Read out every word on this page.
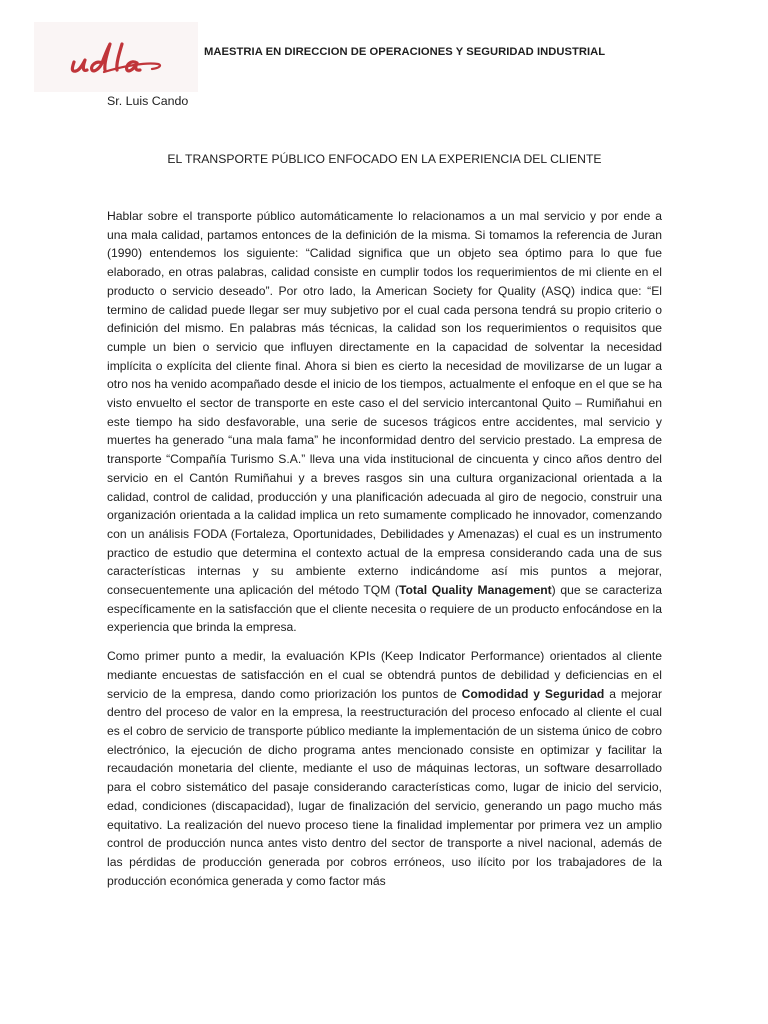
MAESTRIA EN DIRECCION DE OPERACIONES Y SEGURIDAD INDUSTRIAL
Sr. Luis Cando
EL TRANSPORTE PÚBLICO ENFOCADO EN LA EXPERIENCIA DEL CLIENTE

Hablar sobre el transporte público automáticamente lo relacionamos a un mal servicio y por ende a una mala calidad, partamos entonces de la definición de la misma. Si tomamos la referencia de Juran (1990) entendemos los siguiente: “Calidad significa que un objeto sea óptimo para lo que fue elaborado, en otras palabras, calidad consiste en cumplir todos los requerimientos de mi cliente en el producto o servicio deseado”. Por otro lado, la American Society for Quality (ASQ) indica que: “El termino de calidad puede llegar ser muy subjetivo por el cual cada persona tendrá su propio criterio o definición del mismo. En palabras más técnicas, la calidad son los requerimientos o requisitos que cumple un bien o servicio que influyen directamente en la capacidad de solventar la necesidad implícita o explícita del cliente final. Ahora si bien es cierto la necesidad de movilizarse de un lugar a otro nos ha venido acompañado desde el inicio de los tiempos, actualmente el enfoque en el que se ha visto envuelto el sector de transporte en este caso el del servicio intercantonal Quito – Rumiñahui en este tiempo ha sido desfavorable, una serie de sucesos trágicos entre accidentes, mal servicio y muertes ha generado “una mala fama” he inconformidad dentro del servicio prestado. La empresa de transporte “Compañía Turismo S.A.” lleva una vida institucional de cincuenta y cinco años dentro del servicio en el Cantón Rumiñahui y a breves rasgos sin una cultura organizacional orientada a la calidad, control de calidad, producción y una planificación adecuada al giro de negocio, construir una organización orientada a la calidad implica un reto sumamente complicado he innovador, comenzando con un análisis FODA (Fortaleza, Oportunidades, Debilidades y Amenazas) el cual es un instrumento practico de estudio que determina el contexto actual de la empresa considerando cada una de sus características internas y su ambiente externo indicándome así mis puntos a mejorar, consecuentemente una aplicación del método TQM (Total Quality Management) que se caracteriza específicamente en la satisfacción que el cliente necesita o requiere de un producto enfocándose en la experiencia que brinda la empresa.

Como primer punto a medir, la evaluación KPIs (Keep Indicator Performance) orientados al cliente mediante encuestas de satisfacción en el cual se obtendrá puntos de debilidad y deficiencias en el servicio de la empresa, dando como priorización los puntos de Comodidad y Seguridad a mejorar dentro del proceso de valor en la empresa, la reestructuración del proceso enfocado al cliente el cual es el cobro de servicio de transporte público mediante la implementación de un sistema único de cobro electrónico, la ejecución de dicho programa antes mencionado consiste en optimizar y facilitar la recaudación monetaria del cliente, mediante el uso de máquinas lectoras, un software desarrollado para el cobro sistemático del pasaje considerando características como, lugar de inicio del servicio, edad, condiciones (discapacidad), lugar de finalización del servicio, generando un pago mucho más equitativo. La realización del nuevo proceso tiene la finalidad implementar por primera vez un amplio control de producción nunca antes visto dentro del sector de transporte a nivel nacional, además de las pérdidas de producción generada por cobros erróneos, uso ilícito por los trabajadores de la producción económica generada y como factor más
